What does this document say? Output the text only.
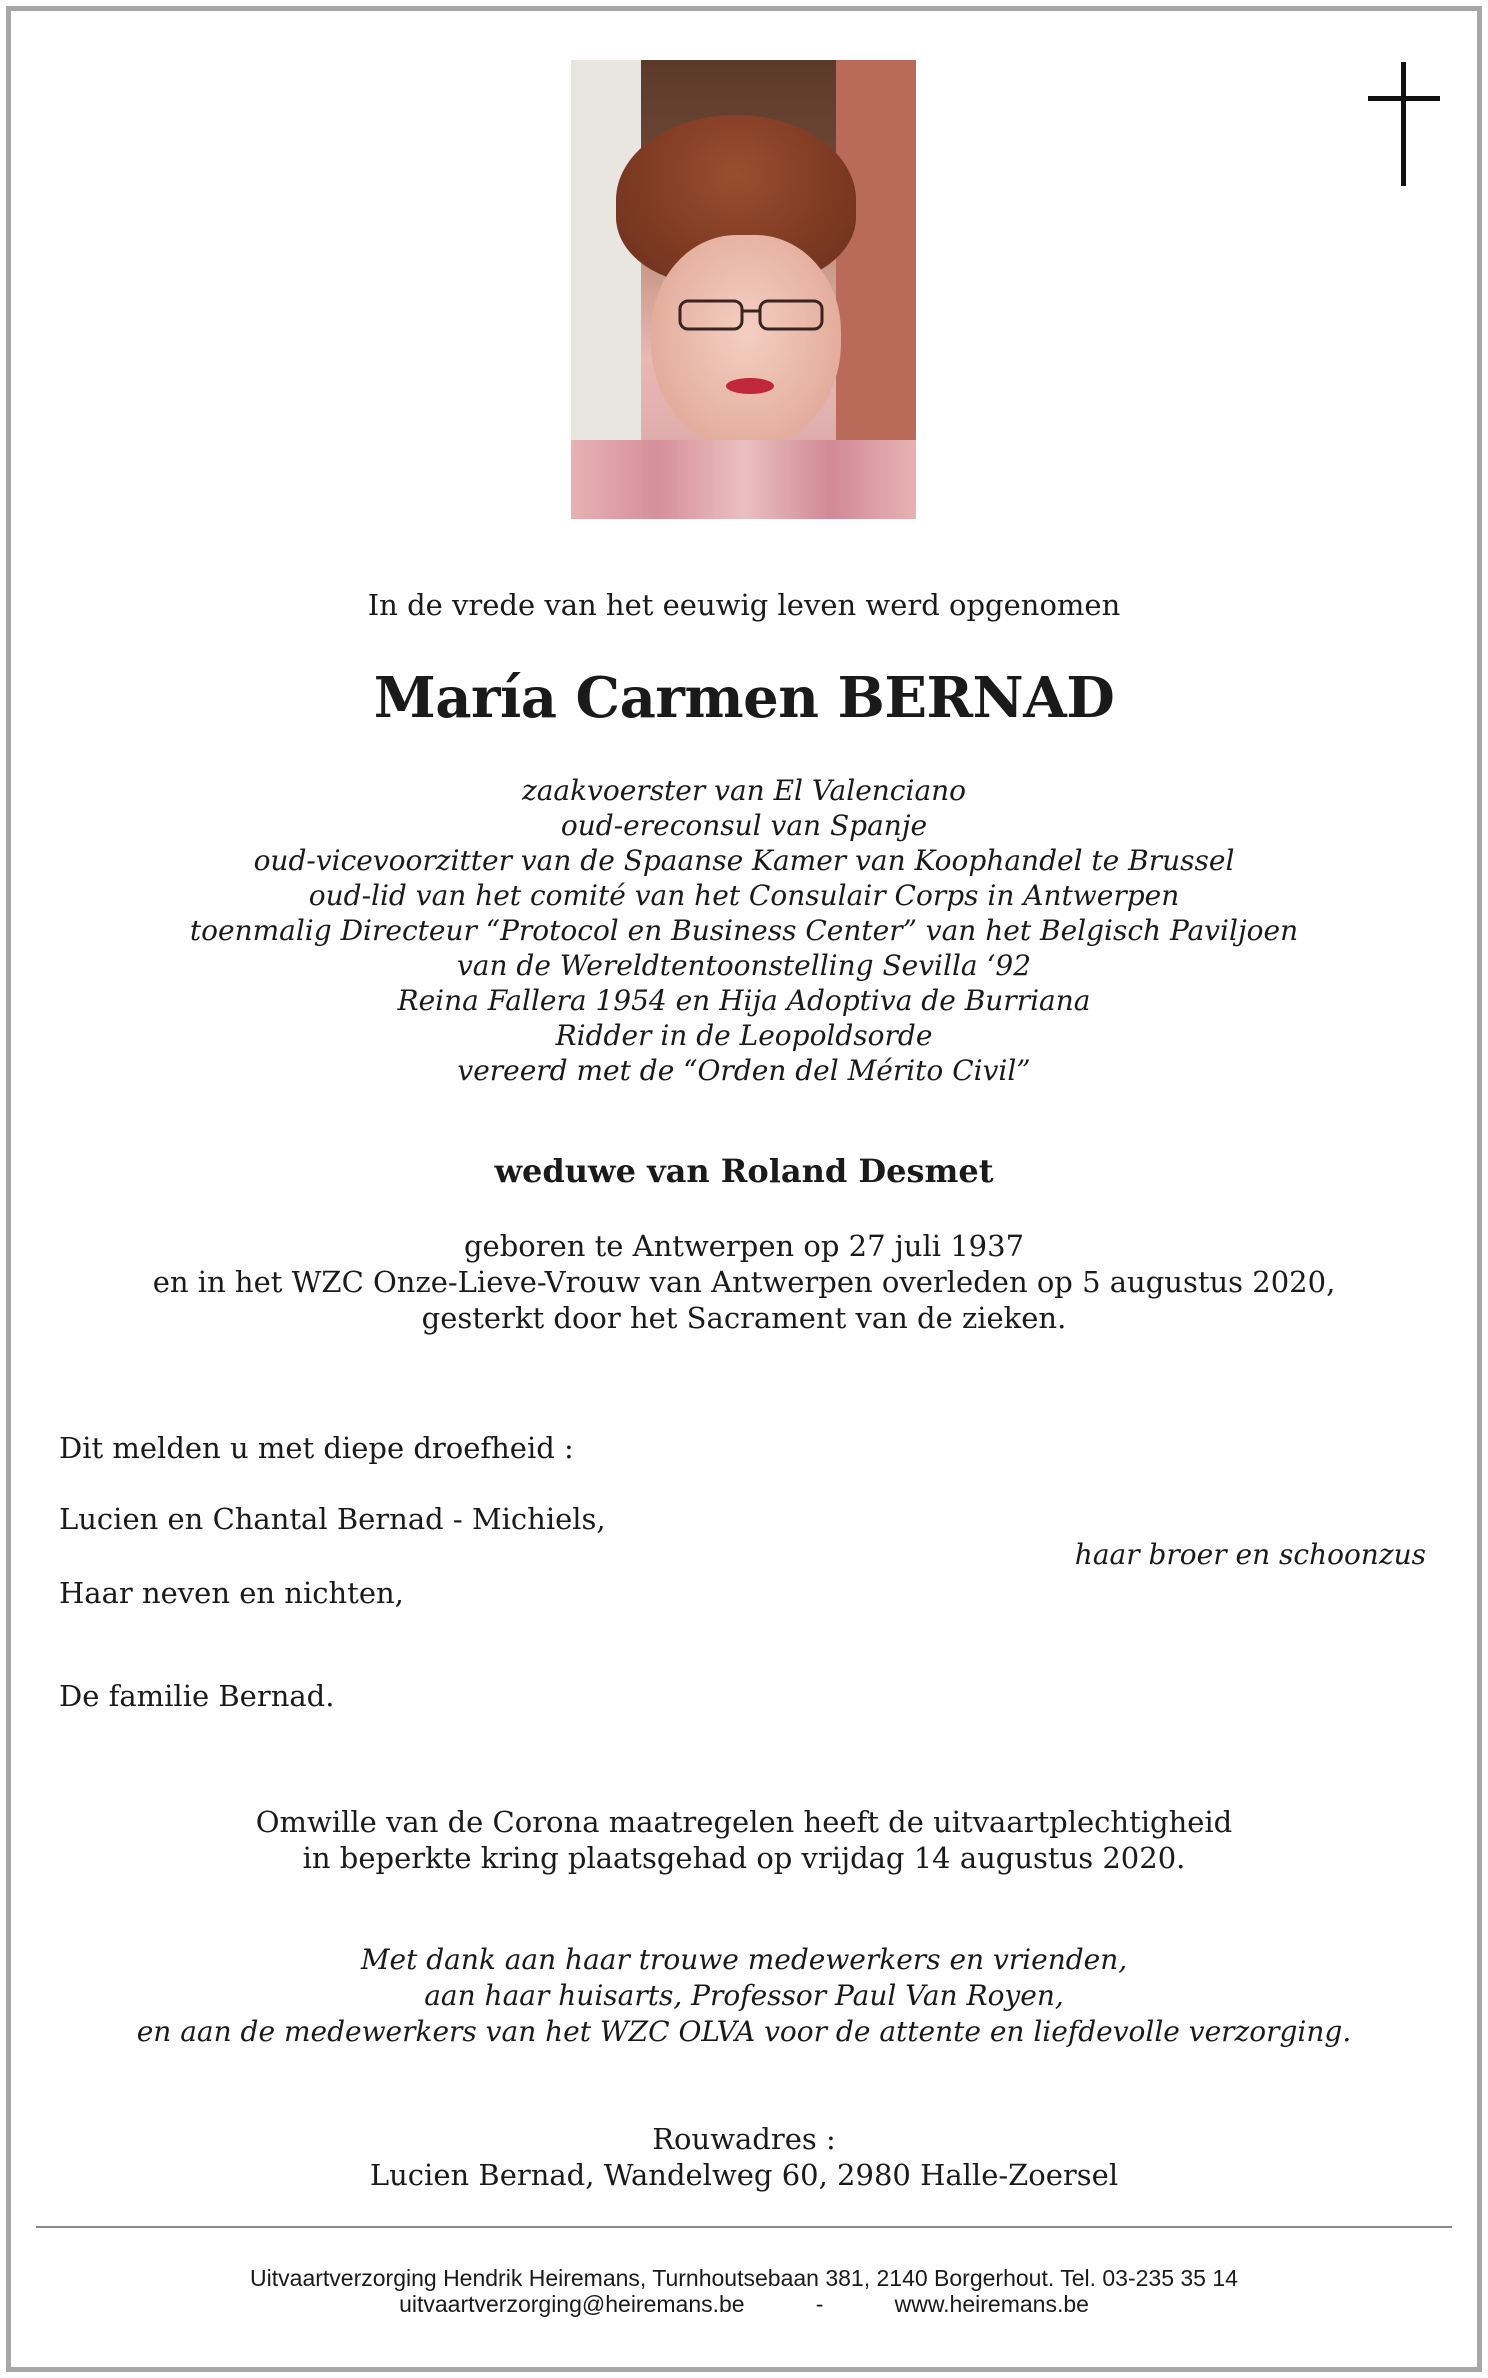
In de vrede van het eeuwig leven werd opgenomen
María Carmen BERNAD
zaakvoerster van El Valenciano
oud-ereconsul van Spanje
oud-vicevoorzitter van de Spaanse Kamer van Koophandel te Brussel
oud-lid van het comité van het Consulair Corps in Antwerpen
toenmalig Directeur “Protocol en Business Center” van het Belgisch Paviljoen
van de Wereldtentoonstelling Sevilla ‘92
Reina Fallera 1954 en Hija Adoptiva de Burriana
Ridder in de Leopoldsorde
vereerd met de “Orden del Mérito Civil”
weduwe van Roland Desmet
geboren te Antwerpen op 27 juli 1937
en in het WZC Onze-Lieve-Vrouw van Antwerpen overleden op 5 augustus 2020,
gesterkt door het Sacrament van de zieken.
Dit melden u met diepe droefheid :
Lucien en Chantal Bernad - Michiels,
haar broer en schoonzus
Haar neven en nichten,
De familie Bernad.
Omwille van de Corona maatregelen heeft de uitvaartplechtigheid
in beperkte kring plaatsgehad op vrijdag 14 augustus 2020.
Met dank aan haar trouwe medewerkers en vrienden,
aan haar huisarts, Professor Paul Van Royen,
en aan de medewerkers van het WZC OLVA voor de attente en liefdevolle verzorging.
Rouwadres :
Lucien Bernad, Wandelweg 60, 2980 Halle-Zoersel
Uitvaartverzorging Hendrik Heiremans, Turnhoutsebaan 381, 2140 Borgerhout. Tel. 03-235 35 14
uitvaartverzorging@heiremans.be	-	www.heiremans.be
